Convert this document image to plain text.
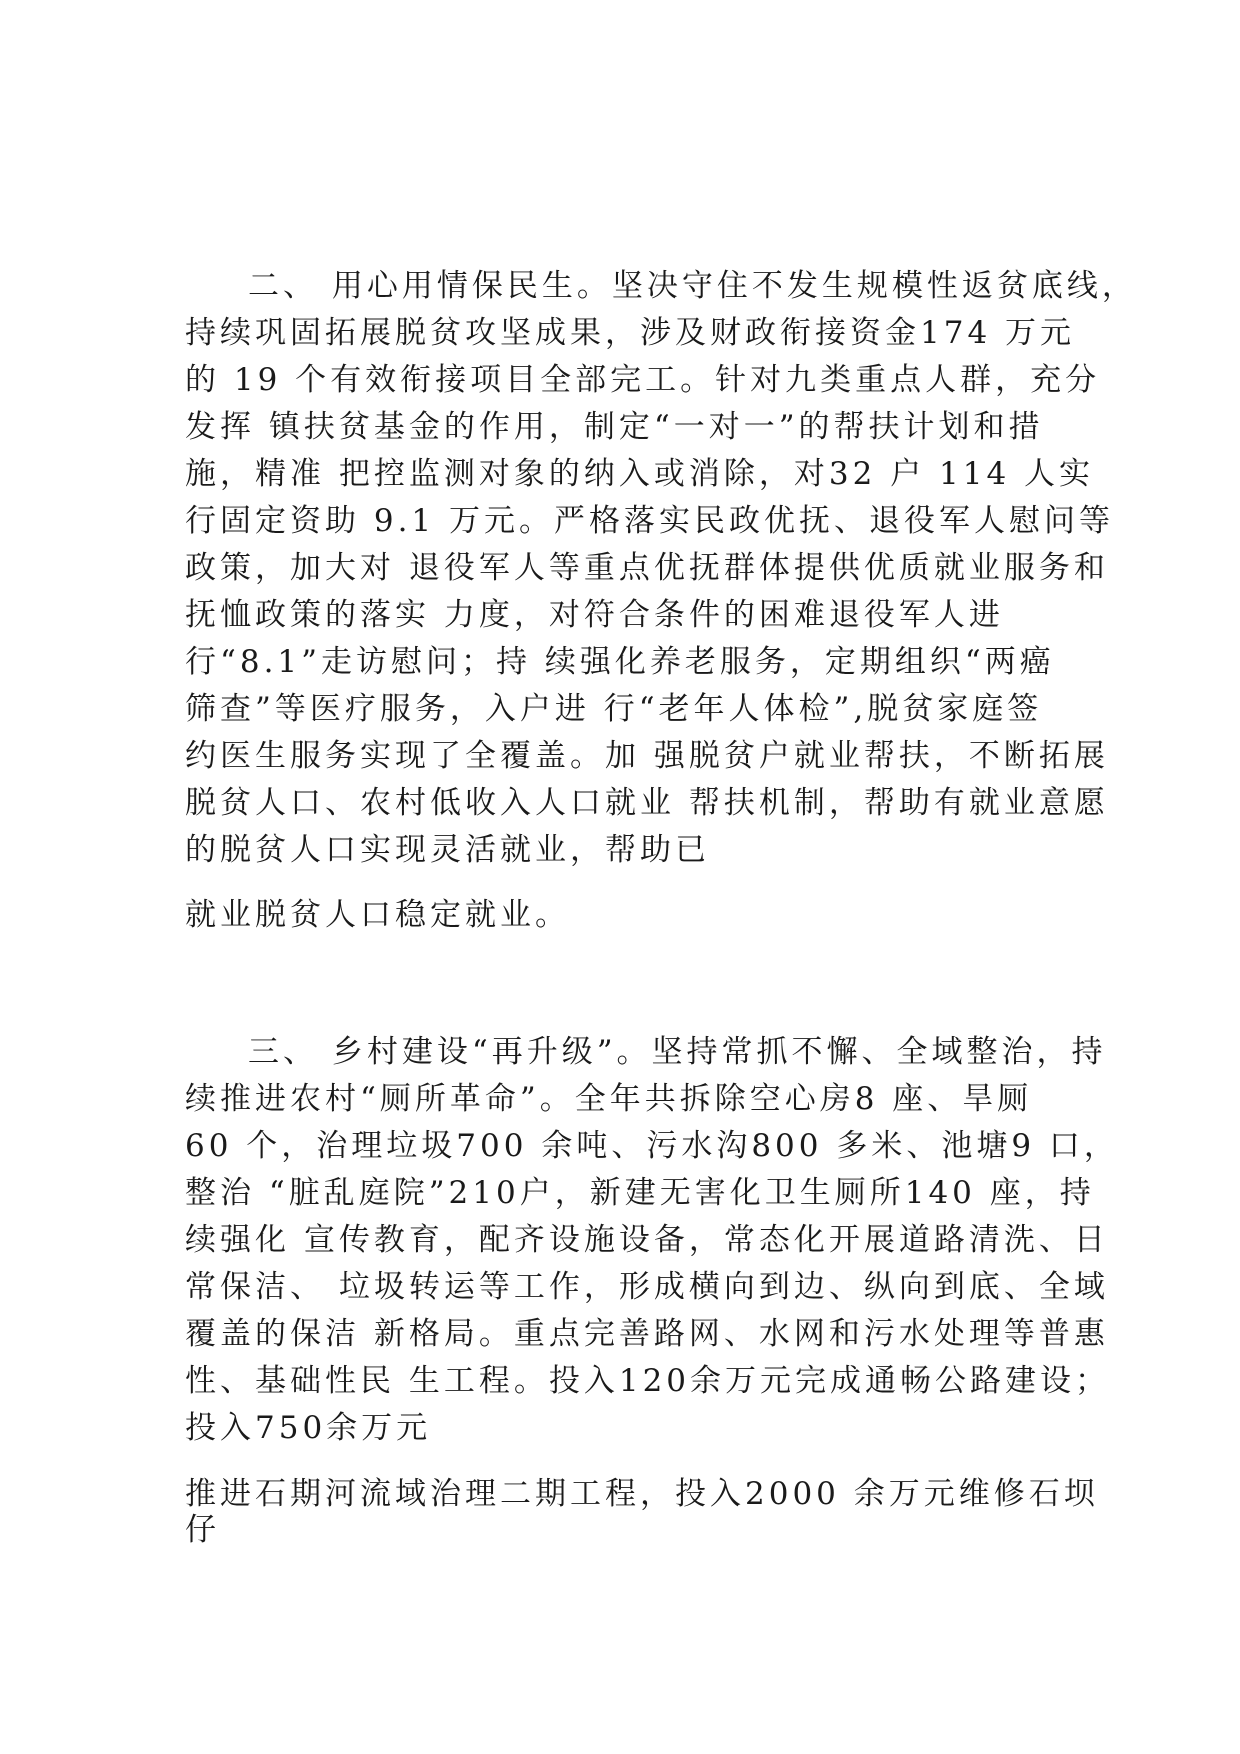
二、 用心用情保民生。坚决守住不发生规模性返贫底线，
持续巩固拓展脱贫攻坚成果，涉及财政衔接资金174 万元
的 19 个有效衔接项目全部完工。针对九类重点人群，充分
发挥 镇扶贫基金的作用，制定“一对一”的帮扶计划和措
施，精准 把控监测对象的纳入或消除，对32 户 114 人实
行固定资助 9.1 万元。严格落实民政优抚、退役军人慰问等
政策，加大对 退役军人等重点优抚群体提供优质就业服务和
抚恤政策的落实 力度，对符合条件的困难退役军人进
行“8.1”走访慰问；持 续强化养老服务，定期组织“两癌
筛查”等医疗服务，入户进 行“老年人体检”,脱贫家庭签
约医生服务实现了全覆盖。加 强脱贫户就业帮扶，不断拓展
脱贫人口、农村低收入人口就业 帮扶机制，帮助有就业意愿
的脱贫人口实现灵活就业，帮助已
就业脱贫人口稳定就业。
三、 乡村建设“再升级”。坚持常抓不懈、全域整治，持
续推进农村“厕所革命”。全年共拆除空心房8 座、旱厕
60 个，治理垃圾700 余吨、污水沟800 多米、池塘9 口，
整治 “脏乱庭院”210户，新建无害化卫生厕所140 座，持
续强化 宣传教育，配齐设施设备，常态化开展道路清洗、日
常保洁、 垃圾转运等工作，形成横向到边、纵向到底、全域
覆盖的保洁 新格局。重点完善路网、水网和污水处理等普惠
性、基础性民 生工程。投入120余万元完成通畅公路建设；
投入750余万元
推进石期河流域治理二期工程，投入2000 余万元维修石坝
仔
